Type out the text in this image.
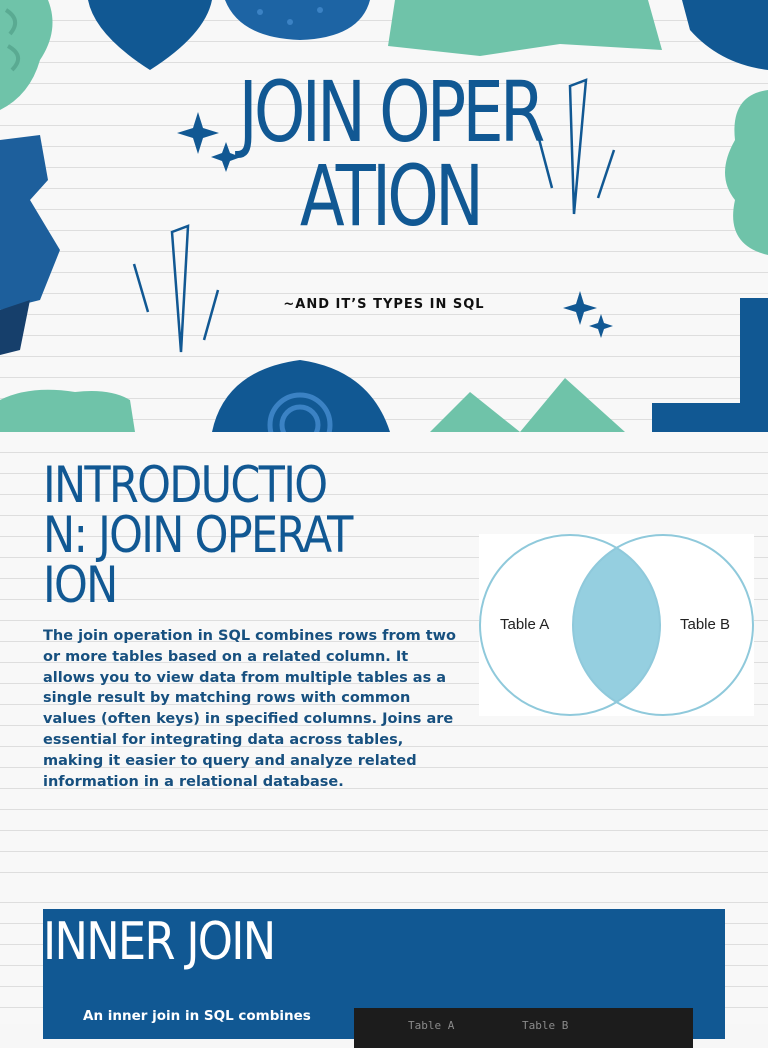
JOIN OPERATION
~AND IT’S TYPES IN SQL
INTRODUCTION: JOIN OPERATION

The join operation in SQL combines rows from two or more tables based on a related column. It allows you to view data from multiple tables as a single result by matching rows with common values (often keys) in specified columns. Joins are essential for integrating data across tables, making it easier to query and analyze related information in a relational database.

Table A	Table B
INNER JOIN
An inner join in SQL combines
Table A	Table B
